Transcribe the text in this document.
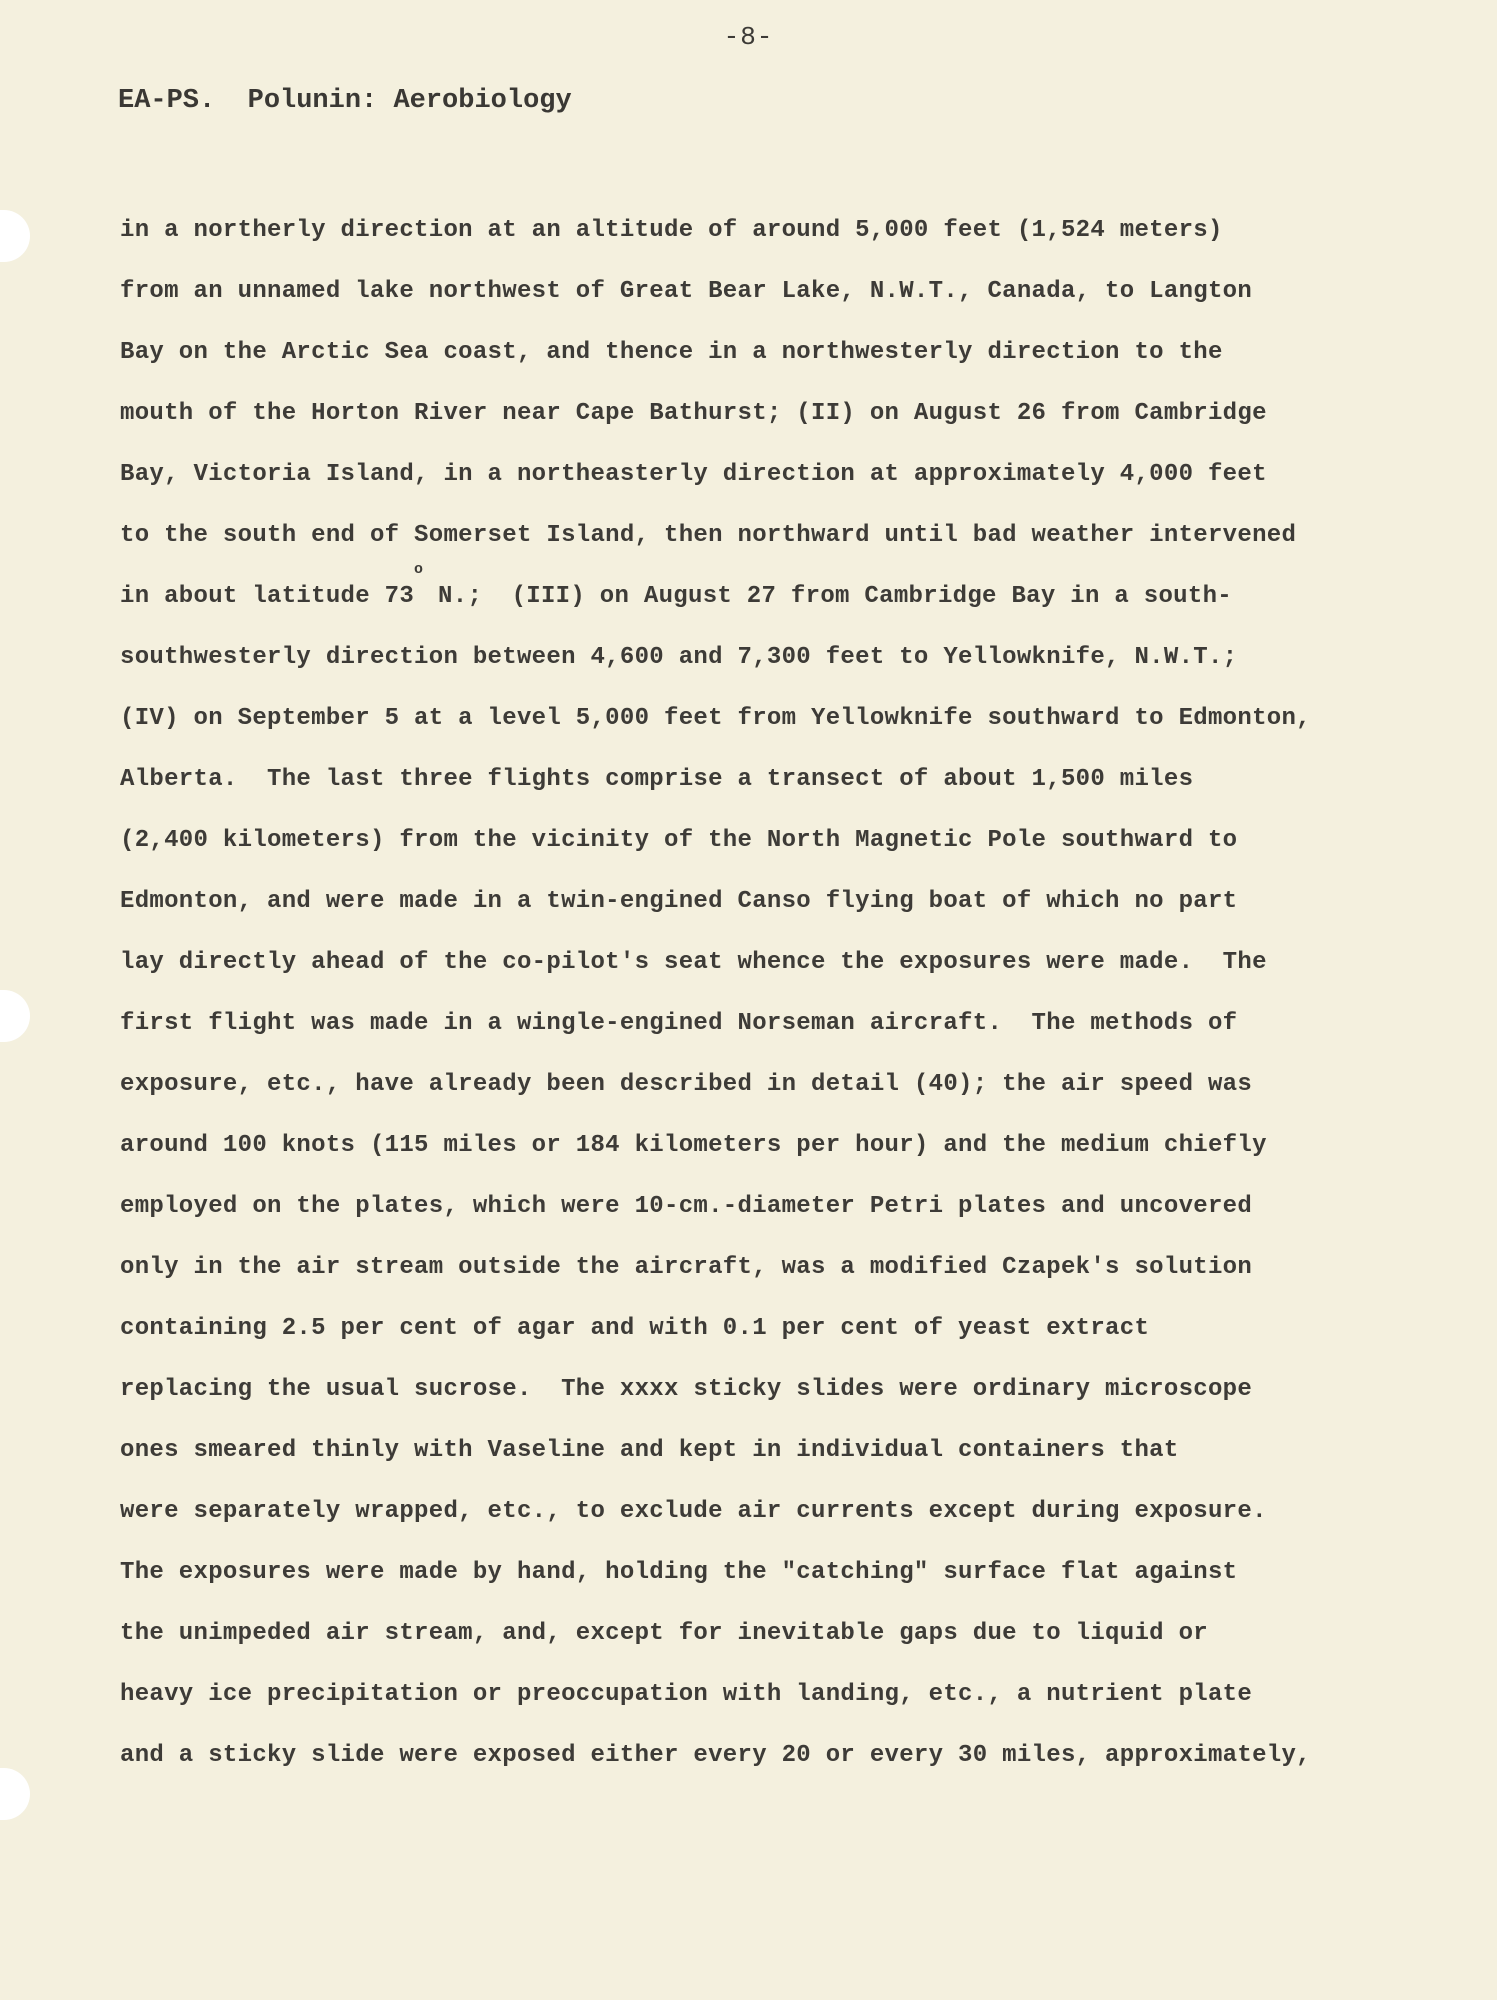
-8-
EA-PS.  Polunin: Aerobiology
in a northerly direction at an altitude of around 5,000 feet (1,524 meters)
from an unnamed lake northwest of Great Bear Lake, N.W.T., Canada, to Langton
Bay on the Arctic Sea coast, and thence in a northwesterly direction to the
mouth of the Horton River near Cape Bathurst; (II) on August 26 from Cambridge
Bay, Victoria Island, in a northeasterly direction at approximately 4,000 feet
to the south end of Somerset Island, then northward until bad weather intervened
in about latitude 73$^o$ N.;  (III) on August 27 from Cambridge Bay in a south-
southwesterly direction between 4,600 and 7,300 feet to Yellowknife, N.W.T.;
(IV) on September 5 at a level 5,000 feet from Yellowknife southward to Edmonton,
Alberta.  The last three flights comprise a transect of about 1,500 miles
(2,400 kilometers) from the vicinity of the North Magnetic Pole southward to
Edmonton, and were made in a twin-engined Canso flying boat of which no part
lay directly ahead of the co-pilot's seat whence the exposures were made.  The
first flight was made in a wingle-engined Norseman aircraft.  The methods of
exposure, etc., have already been described in detail (40); the air speed was
around 100 knots (115 miles or 184 kilometers per hour) and the medium chiefly
employed on the plates, which were 10-cm.-diameter Petri plates and uncovered
only in the air stream outside the aircraft, was a modified Czapek's solution
containing 2.5 per cent of agar and with 0.1 per cent of yeast extract
replacing the usual sucrose.  The xxxx sticky slides were ordinary microscope
ones smeared thinly with Vaseline and kept in individual containers that
were separately wrapped, etc., to exclude air currents except during exposure.
The exposures were made by hand, holding the "catching" surface flat against
the unimpeded air stream, and, except for inevitable gaps due to liquid or
heavy ice precipitation or preoccupation with landing, etc., a nutrient plate
and a sticky slide were exposed either every 20 or every 30 miles, approximately,
